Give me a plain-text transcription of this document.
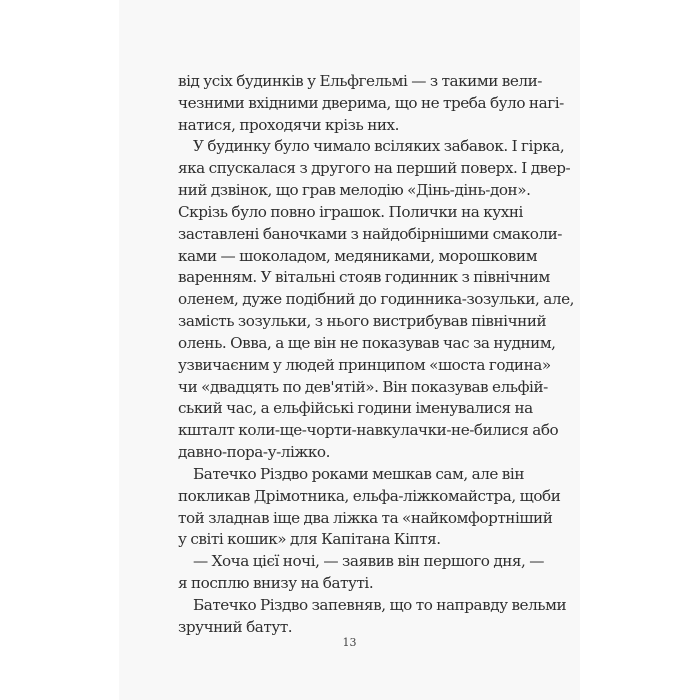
від усіх будинків у Ельфгельмі — з такими вели-
чезними вхідними дверима, що не треба було нагі-
натися, проходячи крізь них.
У будинку було чимало всіляких забавок. І гірка,
яка спускалася з другого на перший поверх. І двер-
ний дзвінок, що грав мелодію «Дінь-дінь-дон».
Скрізь було повно іграшок. Полички на кухні
заставлені баночками з найдобірнішими смаколи-
ками — шоколадом, медяниками, морошковим
варенням. У вітальні стояв годинник з північним
оленем, дуже подібний до годинника-зозульки, але,
замість зозульки, з нього вистрибував північний
олень. Овва, а ще він не показував час за нудним,
узвичаєним у людей принципом «шоста година»
чи «двадцять по дев'ятій». Він показував ельфій-
ський час, а ельфійські години іменувалися на
кшталт коли-ще-чорти-навкулачки-не-билися або
давно-пора-у-ліжко.
Батечко Різдво роками мешкав сам, але він
покликав Дрімотника, ельфа-ліжкомайстра, щоби
той зладнав іще два ліжка та «найкомфортніший
у світі кошик» для Капітана Кіптя.
— Хоча цієї ночі, — заявив він першого дня, —
я посплю внизу на батуті.
Батечко Різдво запевняв, що то направду вельми
зручний батут.
13
